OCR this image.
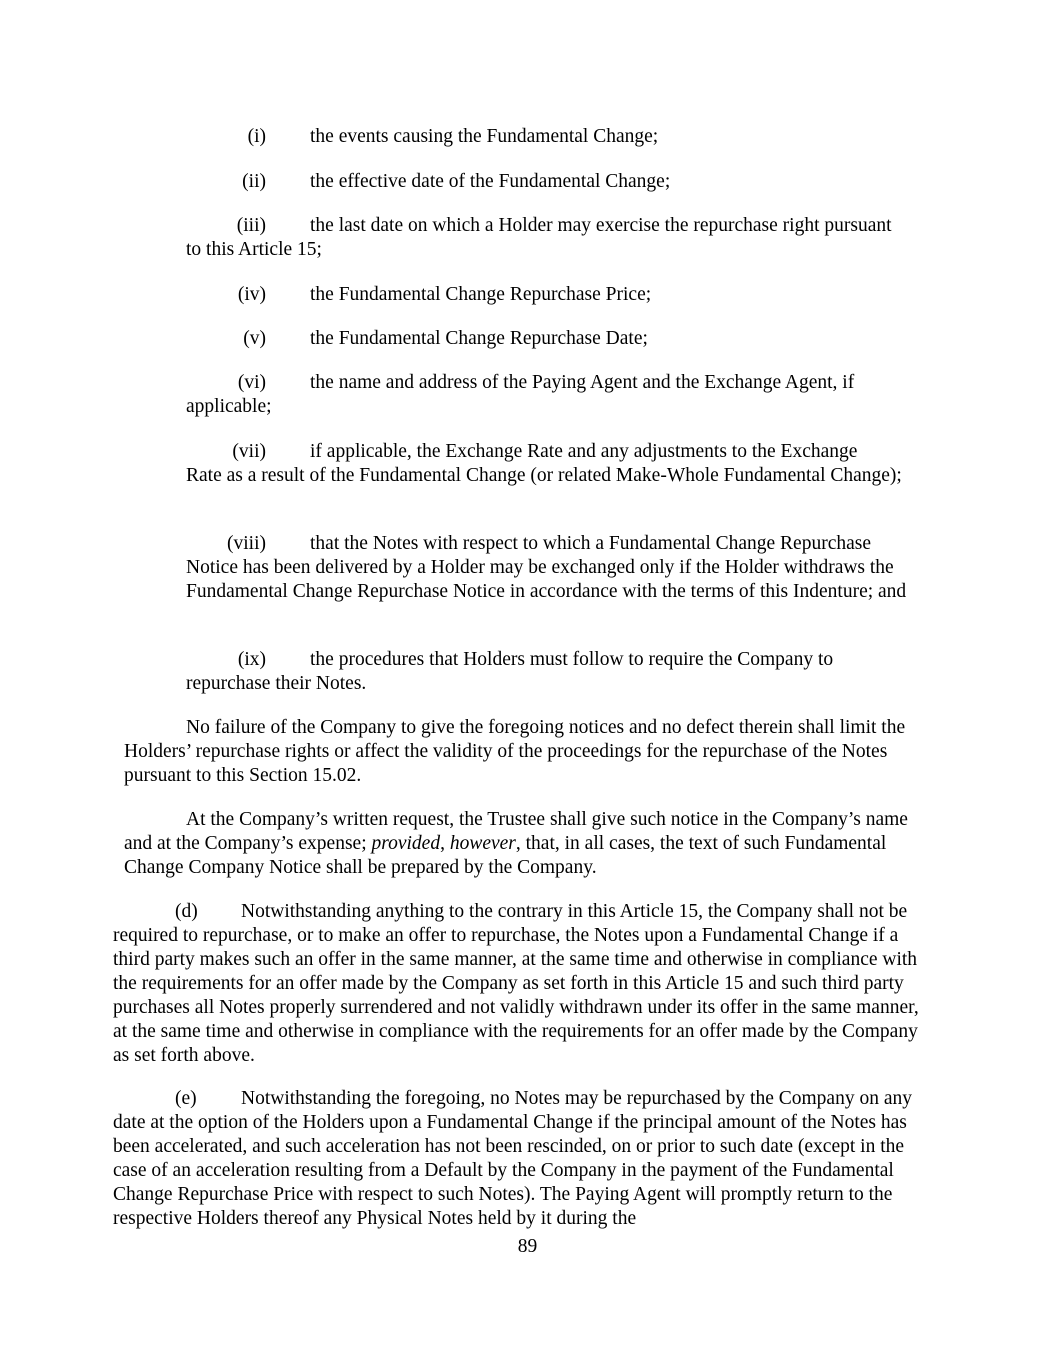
(i) the events causing the Fundamental Change;
(ii) the effective date of the Fundamental Change;
(iii) the last date on which a Holder may exercise the repurchase right pursuant
to this Article 15;
(iv) the Fundamental Change Repurchase Price;
(v) the Fundamental Change Repurchase Date;
(vi) the name and address of the Paying Agent and the Exchange Agent, if
applicable;
(vii) if applicable, the Exchange Rate and any adjustments to the Exchange
Rate as a result of the Fundamental Change (or related Make-Whole Fundamental Change);
(viii) that the Notes with respect to which a Fundamental Change Repurchase
Notice has been delivered by a Holder may be exchanged only if the Holder withdraws the Fundamental Change Repurchase Notice in accordance with the terms of this Indenture; and
(ix) the procedures that Holders must follow to require the Company to
repurchase their Notes.

No failure of the Company to give the foregoing notices and no defect therein shall limit the Holders’ repurchase rights or affect the validity of the proceedings for the repurchase of the Notes pursuant to this Section 15.02.

At the Company’s written request, the Trustee shall give such notice in the Company’s name and at the Company’s expense; provided, however, that, in all cases, the text of such Fundamental Change Company Notice shall be prepared by the Company.

(d) Notwithstanding anything to the contrary in this Article 15, the Company shall not be required to repurchase, or to make an offer to repurchase, the Notes upon a Fundamental Change if a third party makes such an offer in the same manner, at the same time and otherwise in compliance with the requirements for an offer made by the Company as set forth in this Article 15 and such third party purchases all Notes properly surrendered and not validly withdrawn under its offer in the same manner, at the same time and otherwise in compliance with the requirements for an offer made by the Company as set forth above.

(e) Notwithstanding the foregoing, no Notes may be repurchased by the Company on any date at the option of the Holders upon a Fundamental Change if the principal amount of the Notes has been accelerated, and such acceleration has not been rescinded, on or prior to such date (except in the case of an acceleration resulting from a Default by the Company in the payment of the Fundamental Change Repurchase Price with respect to such Notes). The Paying Agent will promptly return to the respective Holders thereof any Physical Notes held by it during the

89
